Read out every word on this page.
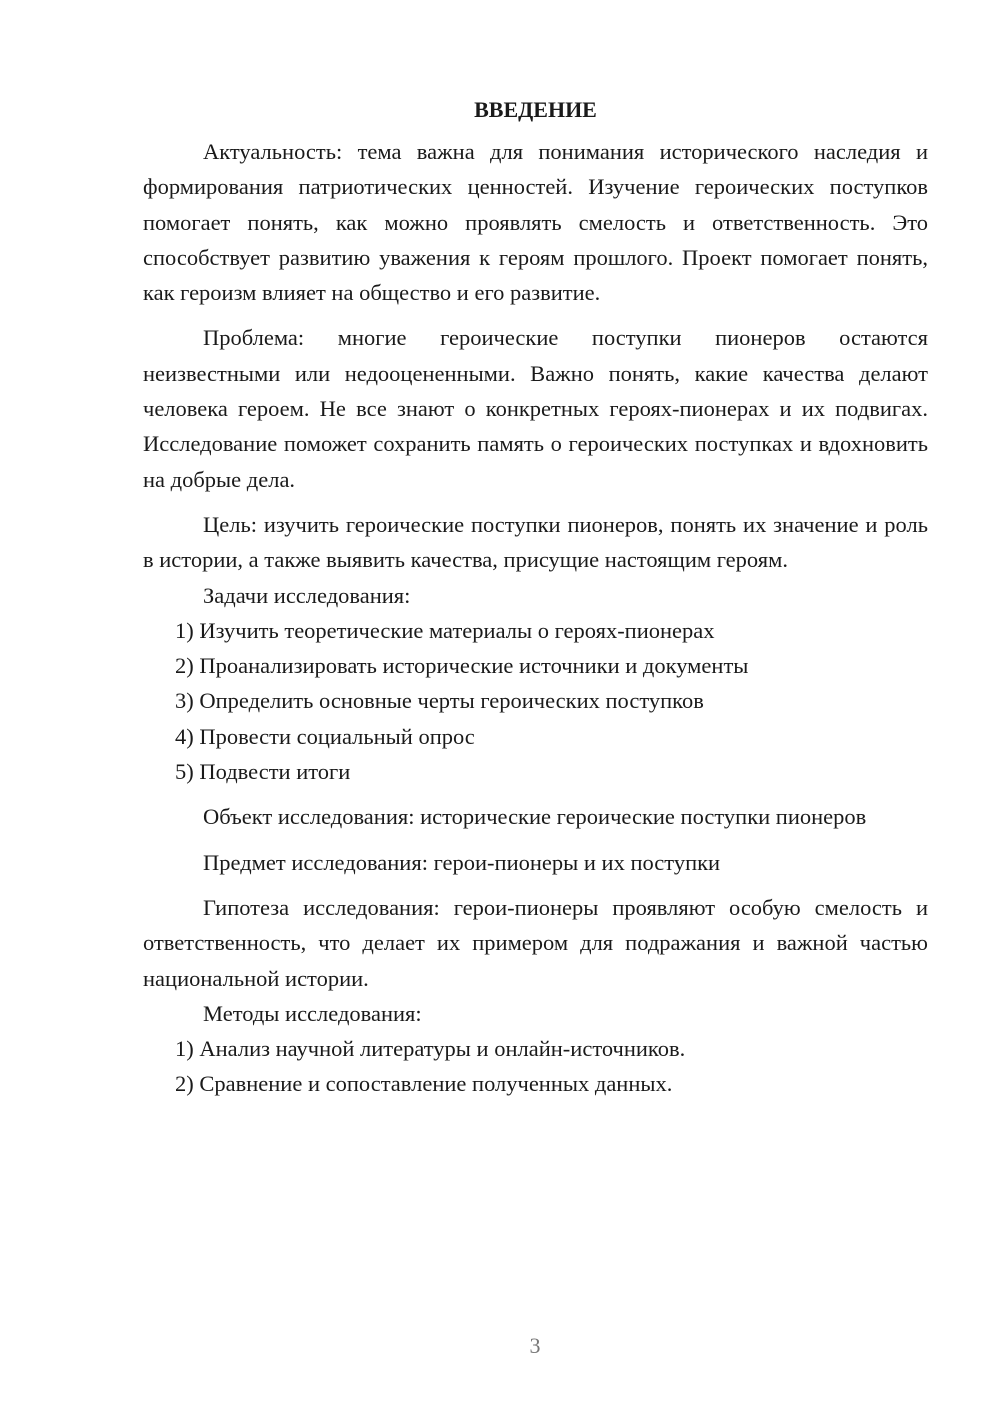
ВВЕДЕНИЕ

Актуальность: тема важна для понимания исторического наследия и формирования патриотических ценностей. Изучение героических поступков помогает понять, как можно проявлять смелость и ответственность. Это способствует развитию уважения к героям прошлого. Проект помогает понять, как героизм влияет на общество и его развитие.

Проблема: многие героические поступки пионеров остаются неизвестными или недооцененными. Важно понять, какие качества делают человека героем. Не все знают о конкретных героях-пионерах и их подвигах. Исследование поможет сохранить память о героических поступках и вдохновить на добрые дела.

Цель: изучить героические поступки пионеров, понять их значение и роль в истории, а также выявить качества, присущие настоящим героям.

Задачи исследования:

1) Изучить теоретические материалы о героях-пионерах

2) Проанализировать исторические источники и документы

3) Определить основные черты героических поступков

4) Провести социальный опрос

5) Подвести итоги

Объект исследования: исторические героические поступки пионеров

Предмет исследования: герои-пионеры и их поступки

Гипотеза исследования: герои-пионеры проявляют особую смелость и ответственность, что делает их примером для подражания и важной частью национальной истории.

Методы исследования:

1) Анализ научной литературы и онлайн-источников.

2) Сравнение и сопоставление полученных данных.

3
